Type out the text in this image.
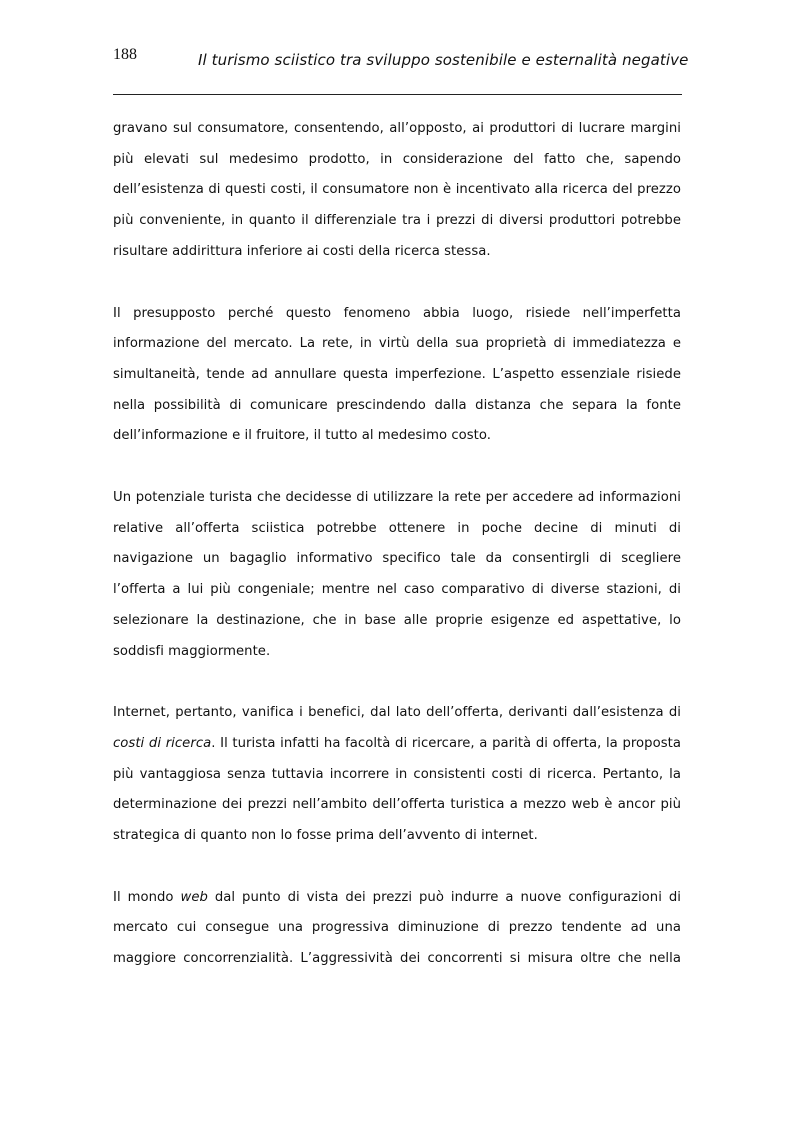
188	Il turismo sciistico tra sviluppo sostenibile e esternalità negative

gravano sul consumatore, consentendo, all’opposto, ai produttori di lucrare margini più elevati sul medesimo prodotto, in considerazione del fatto che, sapendo dell’esistenza di questi costi, il consumatore non è incentivato alla ricerca del prezzo più conveniente, in quanto il differenziale tra i prezzi di diversi produttori potrebbe risultare addirittura inferiore ai costi della ricerca stessa.

Il presupposto perché questo fenomeno abbia luogo, risiede nell’imperfetta informazione del mercato. La rete, in virtù della sua proprietà di immediatezza e simultaneità, tende ad annullare questa imperfezione. L’aspetto essenziale risiede nella possibilità di comunicare prescindendo dalla distanza che separa la fonte dell’informazione e il fruitore, il tutto al medesimo costo.

Un potenziale turista che decidesse di utilizzare la rete per accedere ad informazioni relative all’offerta sciistica potrebbe ottenere in poche decine di minuti di navigazione un bagaglio informativo specifico tale da consentirgli di scegliere l’offerta a lui più congeniale; mentre nel caso comparativo di diverse stazioni, di selezionare la destinazione, che in base alle proprie esigenze ed aspettative, lo soddisfi maggiormente.

Internet, pertanto, vanifica i benefici, dal lato dell’offerta, derivanti dall’esistenza di costi di ricerca. Il turista infatti ha facoltà di ricercare, a parità di offerta, la proposta più vantaggiosa senza tuttavia incorrere in consistenti costi di ricerca. Pertanto, la determinazione dei prezzi nell’ambito dell’offerta turistica a mezzo web è ancor più strategica di quanto non lo fosse prima dell’avvento di internet.

Il mondo web dal punto di vista dei prezzi può indurre a nuove configurazioni di mercato cui consegue una progressiva diminuzione di prezzo tendente ad una maggiore concorrenzialità. L’aggressività dei concorrenti si misura oltre che nella
